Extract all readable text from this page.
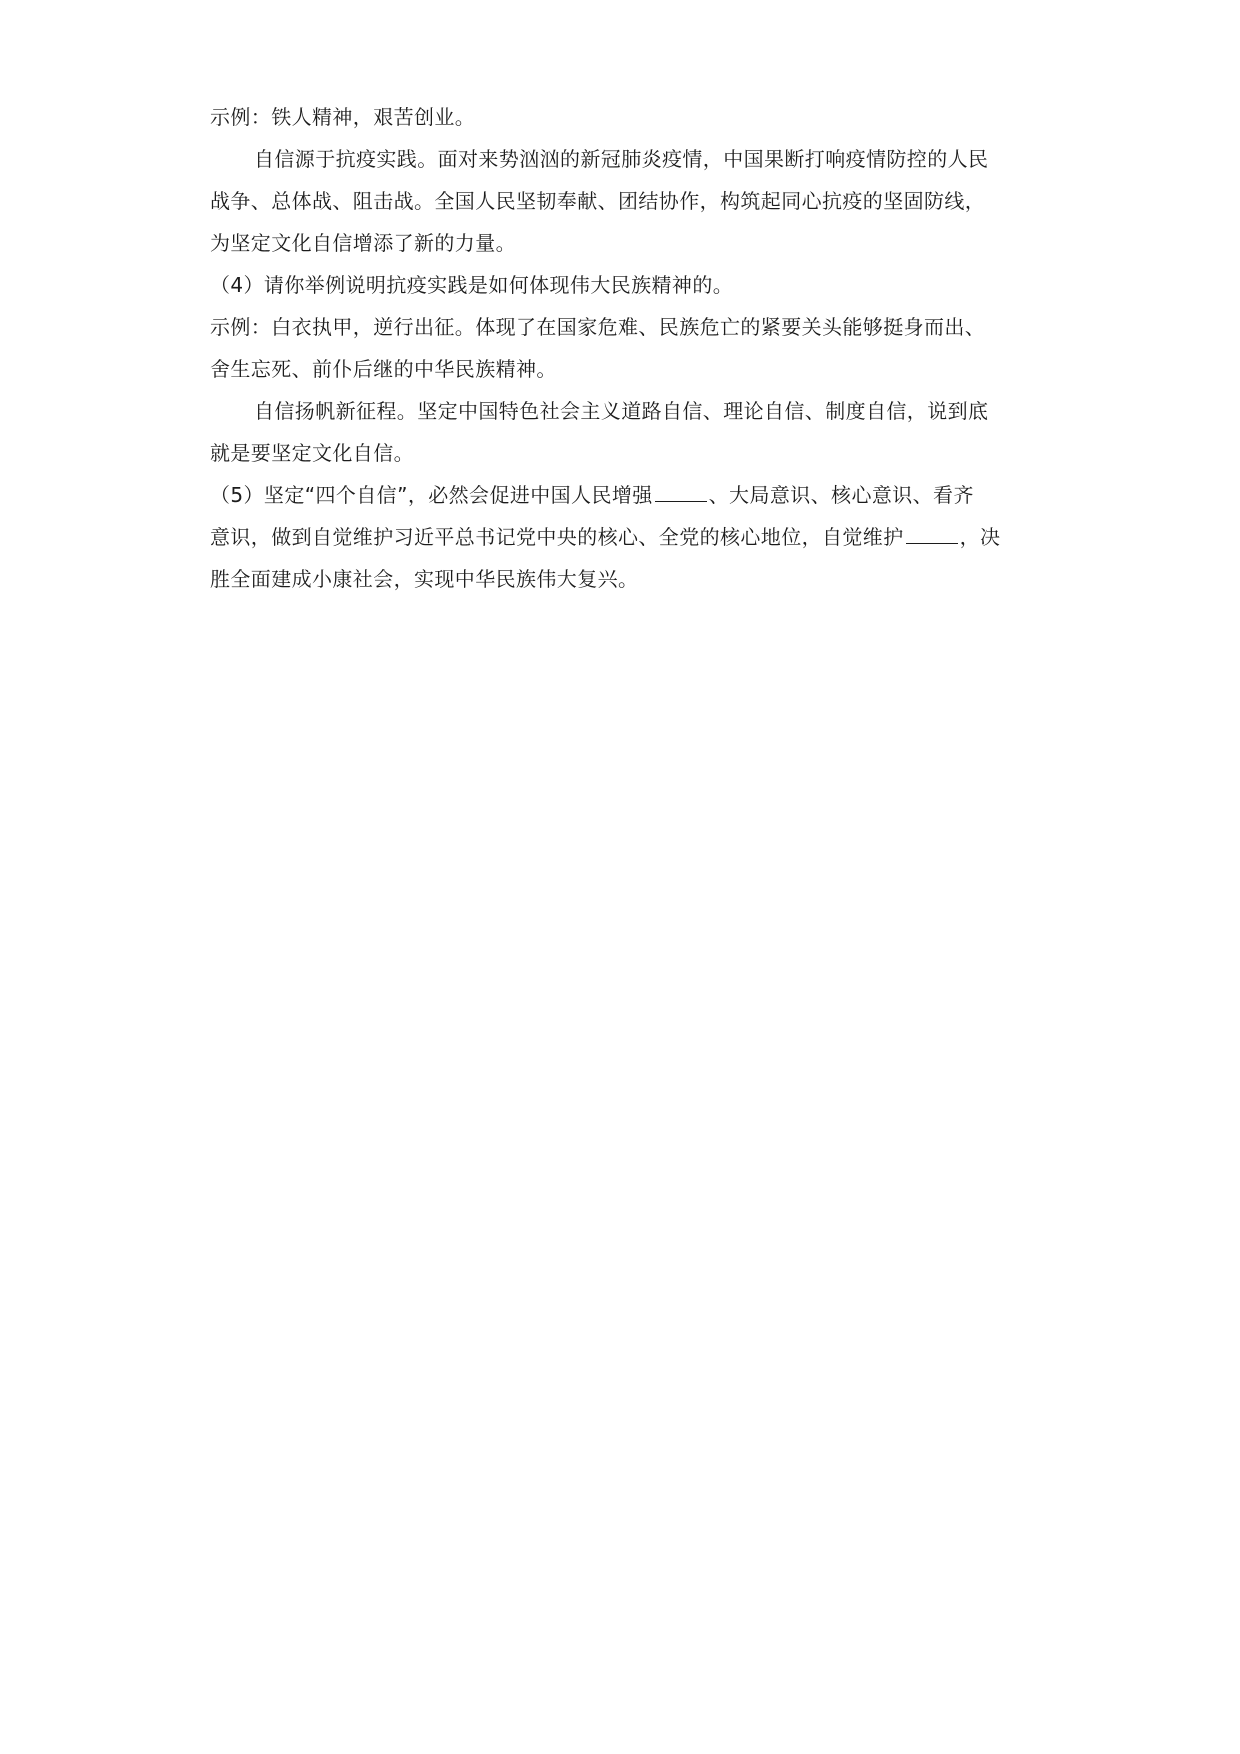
示例：铁人精神，艰苦创业。
自信源于抗疫实践。面对来势汹汹的新冠肺炎疫情，中国果断打响疫情防控的人民
战争、总体战、阻击战。全国人民坚韧奉献、团结协作，构筑起同心抗疫的坚固防线，
为坚定文化自信增添了新的力量。
（4）请你举例说明抗疫实践是如何体现伟大民族精神的。
示例：白衣执甲，逆行出征。体现了在国家危难、民族危亡的紧要关头能够挺身而出、
舍生忘死、前仆后继的中华民族精神。
自信扬帆新征程。坚定中国特色社会主义道路自信、理论自信、制度自信，说到底
就是要坚定文化自信。
（5）坚定“四个自信”，必然会促进中国人民增强	、大局意识、核心意识、看齐
意识，做到自觉维护习近平总书记党中央的核心、全党的核心地位，自觉维护	，决
胜全面建成小康社会，实现中华民族伟大复兴。
